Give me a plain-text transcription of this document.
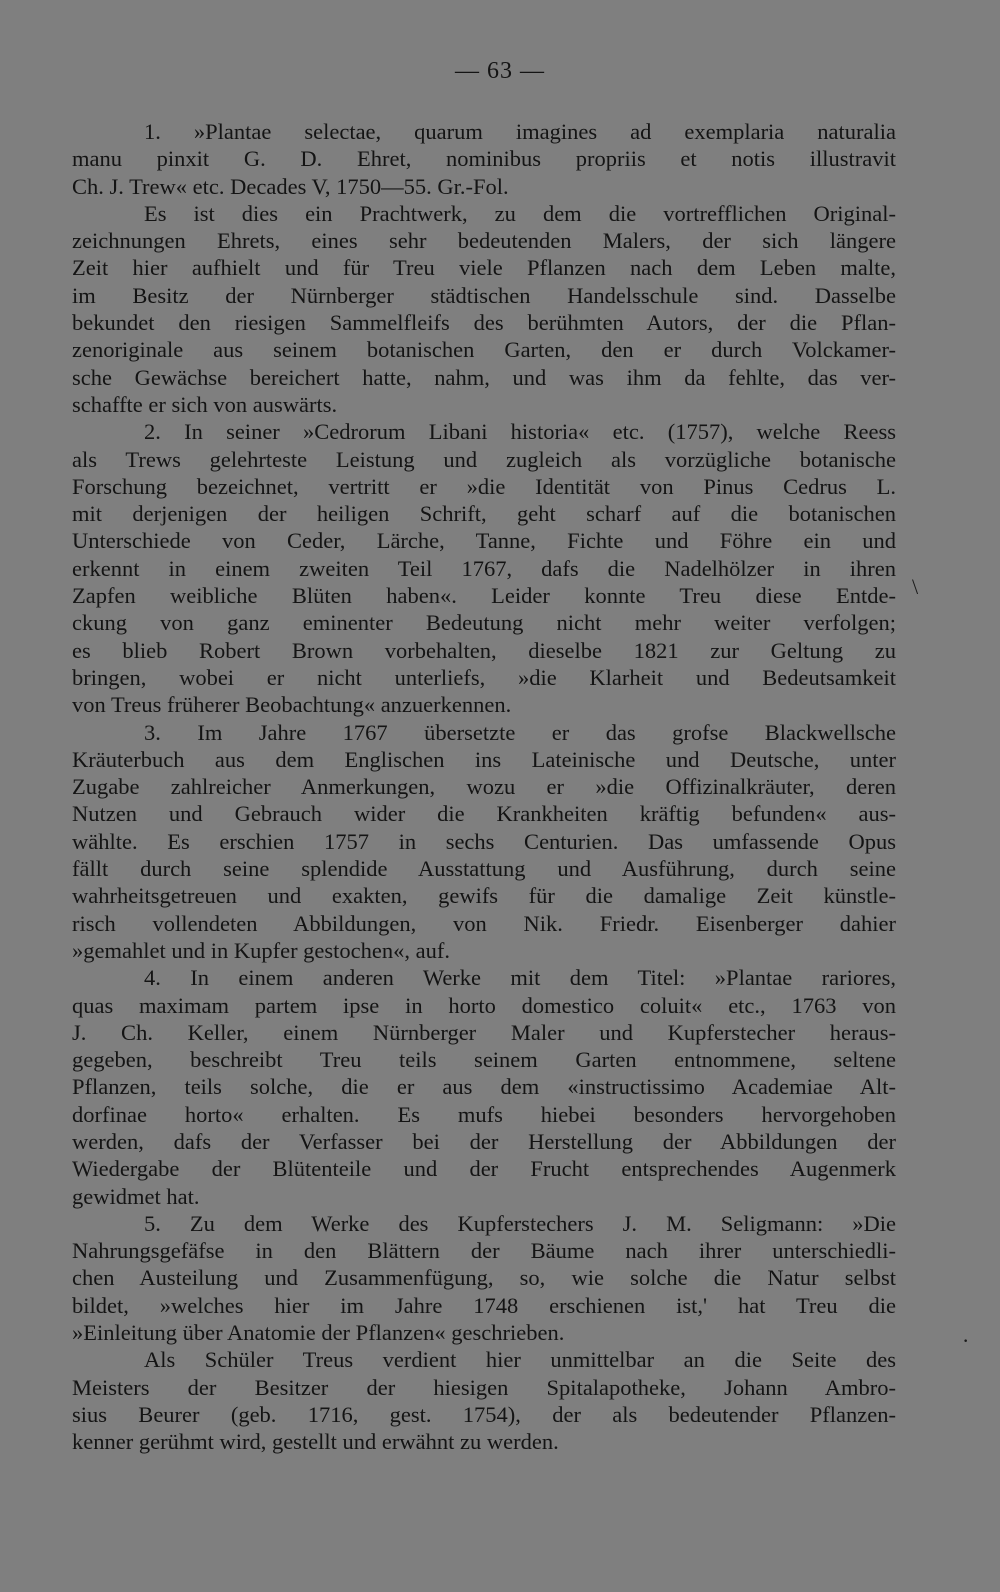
— 63 —
1. »Plantae selectae, quarum imagines ad exemplaria naturalia
manu pinxit G. D. Ehret, nominibus propriis et notis illustravit
Ch. J. Trew« etc. Decades V, 1750—55. Gr.-Fol.
Es ist dies ein Prachtwerk, zu dem die vortrefflichen Original-
zeichnungen Ehrets, eines sehr bedeutenden Malers, der sich längere
Zeit hier aufhielt und für Treu viele Pflanzen nach dem Leben malte,
im Besitz der Nürnberger städtischen Handelsschule sind. Dasselbe
bekundet den riesigen Sammelfleifs des berühmten Autors, der die Pflan-
zenoriginale aus seinem botanischen Garten, den er durch Volckamer-
sche Gewächse bereichert hatte, nahm, und was ihm da fehlte, das ver-
schaffte er sich von auswärts.
2. In seiner »Cedrorum Libani historia« etc. (1757), welche Reess
als Trews gelehrteste Leistung und zugleich als vorzügliche botanische
Forschung bezeichnet, vertritt er »die Identität von Pinus Cedrus L.
mit derjenigen der heiligen Schrift, geht scharf auf die botanischen
Unterschiede von Ceder, Lärche, Tanne, Fichte und Föhre ein und
erkennt in einem zweiten Teil 1767, dafs die Nadelhölzer in ihren
Zapfen weibliche Blüten haben«. Leider konnte Treu diese Entde-
ckung von ganz eminenter Bedeutung nicht mehr weiter verfolgen;
es blieb Robert Brown vorbehalten, dieselbe 1821 zur Geltung zu
bringen, wobei er nicht unterliefs, »die Klarheit und Bedeutsamkeit
von Treus früherer Beobachtung« anzuerkennen.
3. Im Jahre 1767 übersetzte er das grofse Blackwellsche
Kräuterbuch aus dem Englischen ins Lateinische und Deutsche, unter
Zugabe zahlreicher Anmerkungen, wozu er »die Offizinalkräuter, deren
Nutzen und Gebrauch wider die Krankheiten kräftig befunden« aus-
wählte. Es erschien 1757 in sechs Centurien. Das umfassende Opus
fällt durch seine splendide Ausstattung und Ausführung, durch seine
wahrheitsgetreuen und exakten, gewifs für die damalige Zeit künstle-
risch vollendeten Abbildungen, von Nik. Friedr. Eisenberger dahier
»gemahlet und in Kupfer gestochen«, auf.
4. In einem anderen Werke mit dem Titel: »Plantae rariores,
quas maximam partem ipse in horto domestico coluit« etc., 1763 von
J. Ch. Keller, einem Nürnberger Maler und Kupferstecher heraus-
gegeben, beschreibt Treu teils seinem Garten entnommene, seltene
Pflanzen, teils solche, die er aus dem «instructissimo Academiae Alt-
dorfinae horto« erhalten. Es mufs hiebei besonders hervorgehoben
werden, dafs der Verfasser bei der Herstellung der Abbildungen der
Wiedergabe der Blütenteile und der Frucht entsprechendes Augenmerk
gewidmet hat.
5. Zu dem Werke des Kupferstechers J. M. Seligmann: »Die
Nahrungsgefäfse in den Blättern der Bäume nach ihrer unterschiedli-
chen Austeilung und Zusammenfügung, so, wie solche die Natur selbst
bildet, »welches hier im Jahre 1748 erschienen ist,' hat Treu die
»Einleitung über Anatomie der Pflanzen« geschrieben.
Als Schüler Treus verdient hier unmittelbar an die Seite des
Meisters der Besitzer der hiesigen Spitalapotheke, Johann Ambro-
sius Beurer (geb. 1716, gest. 1754), der als bedeutender Pflanzen-
kenner gerühmt wird, gestellt und erwähnt zu werden.
\
·
